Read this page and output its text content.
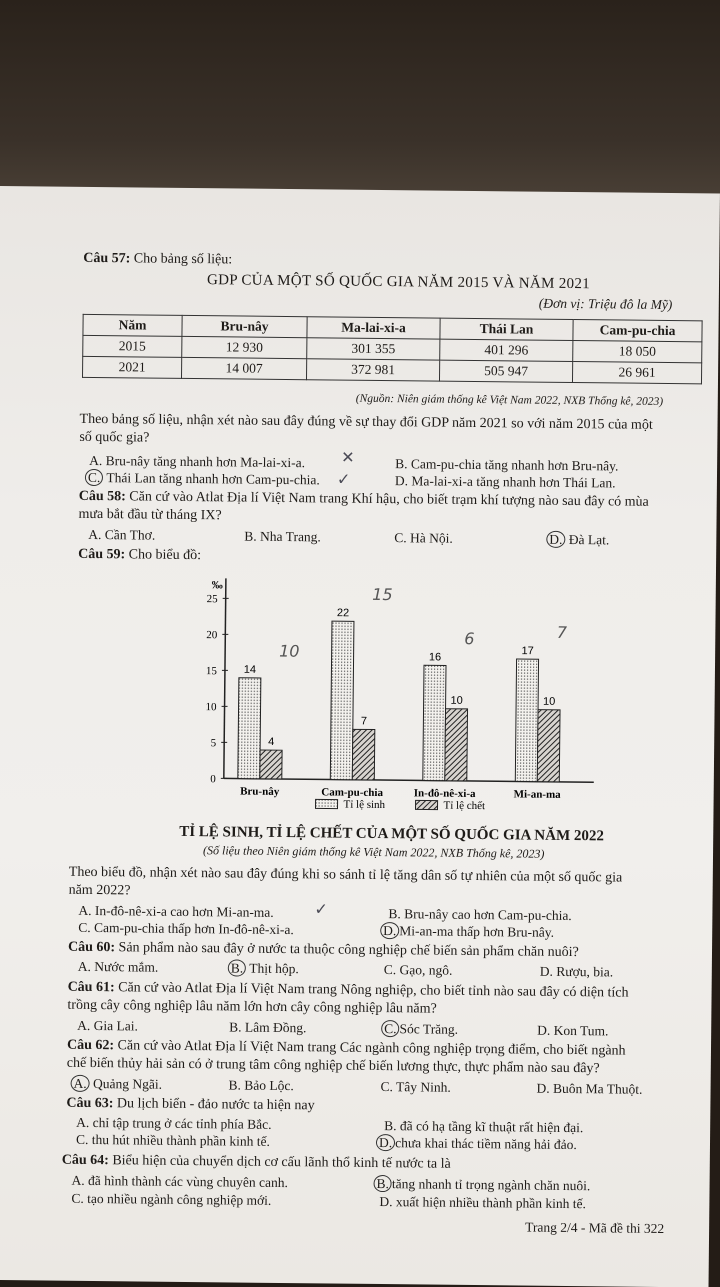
Câu 57: Cho bảng số liệu:
GDP CỦA MỘT SỐ QUỐC GIA NĂM 2015 VÀ NĂM 2021
(Đơn vị: Triệu đô la Mỹ)
Năm	Bru-nây	Ma-lai-xi-a	Thái Lan	Cam-pu-chia
2015	12 930	301 355	401 296	18 050
2021	14 007	372 981	505 947	26 961
(Nguồn: Niên giám thống kê Việt Nam 2022, NXB Thống kê, 2023)
Theo bảng số liệu, nhận xét nào sau đây đúng về sự thay đổi GDP năm 2021 so với năm 2015 của một
số quốc gia?
A. Bru-nây tăng nhanh hơn Ma-lai-xi-a.	B. Cam-pu-chia tăng nhanh hơn Bru-nây.
C. Thái Lan tăng nhanh hơn Cam-pu-chia.	D. Ma-lai-xi-a tăng nhanh hơn Thái Lan.
✕
✓
Câu 58: Căn cứ vào Atlat Địa lí Việt Nam trang Khí hậu, cho biết trạm khí tượng nào sau đây có mùa
mưa bắt đầu từ tháng IX?
A. Cần Thơ.	B. Nha Trang.	C. Hà Nội.	D. Đà Lạt.
Câu 59: Cho biểu đồ:
‰
0
5
10
15
20
25
14
4
Bru-nây
10
22
7
Cam-pu-chia
15
16
10
In-đô-nê-xi-a
6
17
10
Mi-an-ma
7
Tỉ lệ sinh	Tỉ lệ chết
TỈ LỆ SINH, TỈ LỆ CHẾT CỦA MỘT SỐ QUỐC GIA NĂM 2022
(Số liệu theo Niên giám thống kê Việt Nam 2022, NXB Thống kê, 2023)
Theo biểu đồ, nhận xét nào sau đây đúng khi so sánh tỉ lệ tăng dân số tự nhiên của một số quốc gia
năm 2022?
A. In-đô-nê-xi-a cao hơn Mi-an-ma.	B. Bru-nây cao hơn Cam-pu-chia.
C. Cam-pu-chia thấp hơn In-đô-nê-xi-a.	D. Mi-an-ma thấp hơn Bru-nây.
✓
Câu 60: Sản phẩm nào sau đây ở nước ta thuộc công nghiệp chế biến sản phẩm chăn nuôi?
A. Nước mắm.	B. Thịt hộp.	C. Gạo, ngô.	D. Rượu, bia.
Câu 61: Căn cứ vào Atlat Địa lí Việt Nam trang Nông nghiệp, cho biết tỉnh nào sau đây có diện tích
trồng cây công nghiệp lâu năm lớn hơn cây công nghiệp lâu năm?
A. Gia Lai.	B. Lâm Đồng.	C. Sóc Trăng.	D. Kon Tum.
Câu 62: Căn cứ vào Atlat Địa lí Việt Nam trang Các ngành công nghiệp trọng điểm, cho biết ngành
chế biến thủy hải sản có ở trung tâm công nghiệp chế biến lương thực, thực phẩm nào sau đây?
A. Quảng Ngãi.	B. Bảo Lộc.	C. Tây Ninh.	D. Buôn Ma Thuột.
Câu 63: Du lịch biển - đảo nước ta hiện nay
A. chỉ tập trung ở các tỉnh phía Bắc.	B. đã có hạ tầng kĩ thuật rất hiện đại.
C. thu hút nhiều thành phần kinh tế.	D. chưa khai thác tiềm năng hải đảo.
Câu 64: Biểu hiện của chuyển dịch cơ cấu lãnh thổ kinh tế nước ta là
A. đã hình thành các vùng chuyên canh.	B. tăng nhanh tỉ trọng ngành chăn nuôi.
C. tạo nhiều ngành công nghiệp mới.	D. xuất hiện nhiều thành phần kinh tế.
Trang 2/4 - Mã đề thi 322
